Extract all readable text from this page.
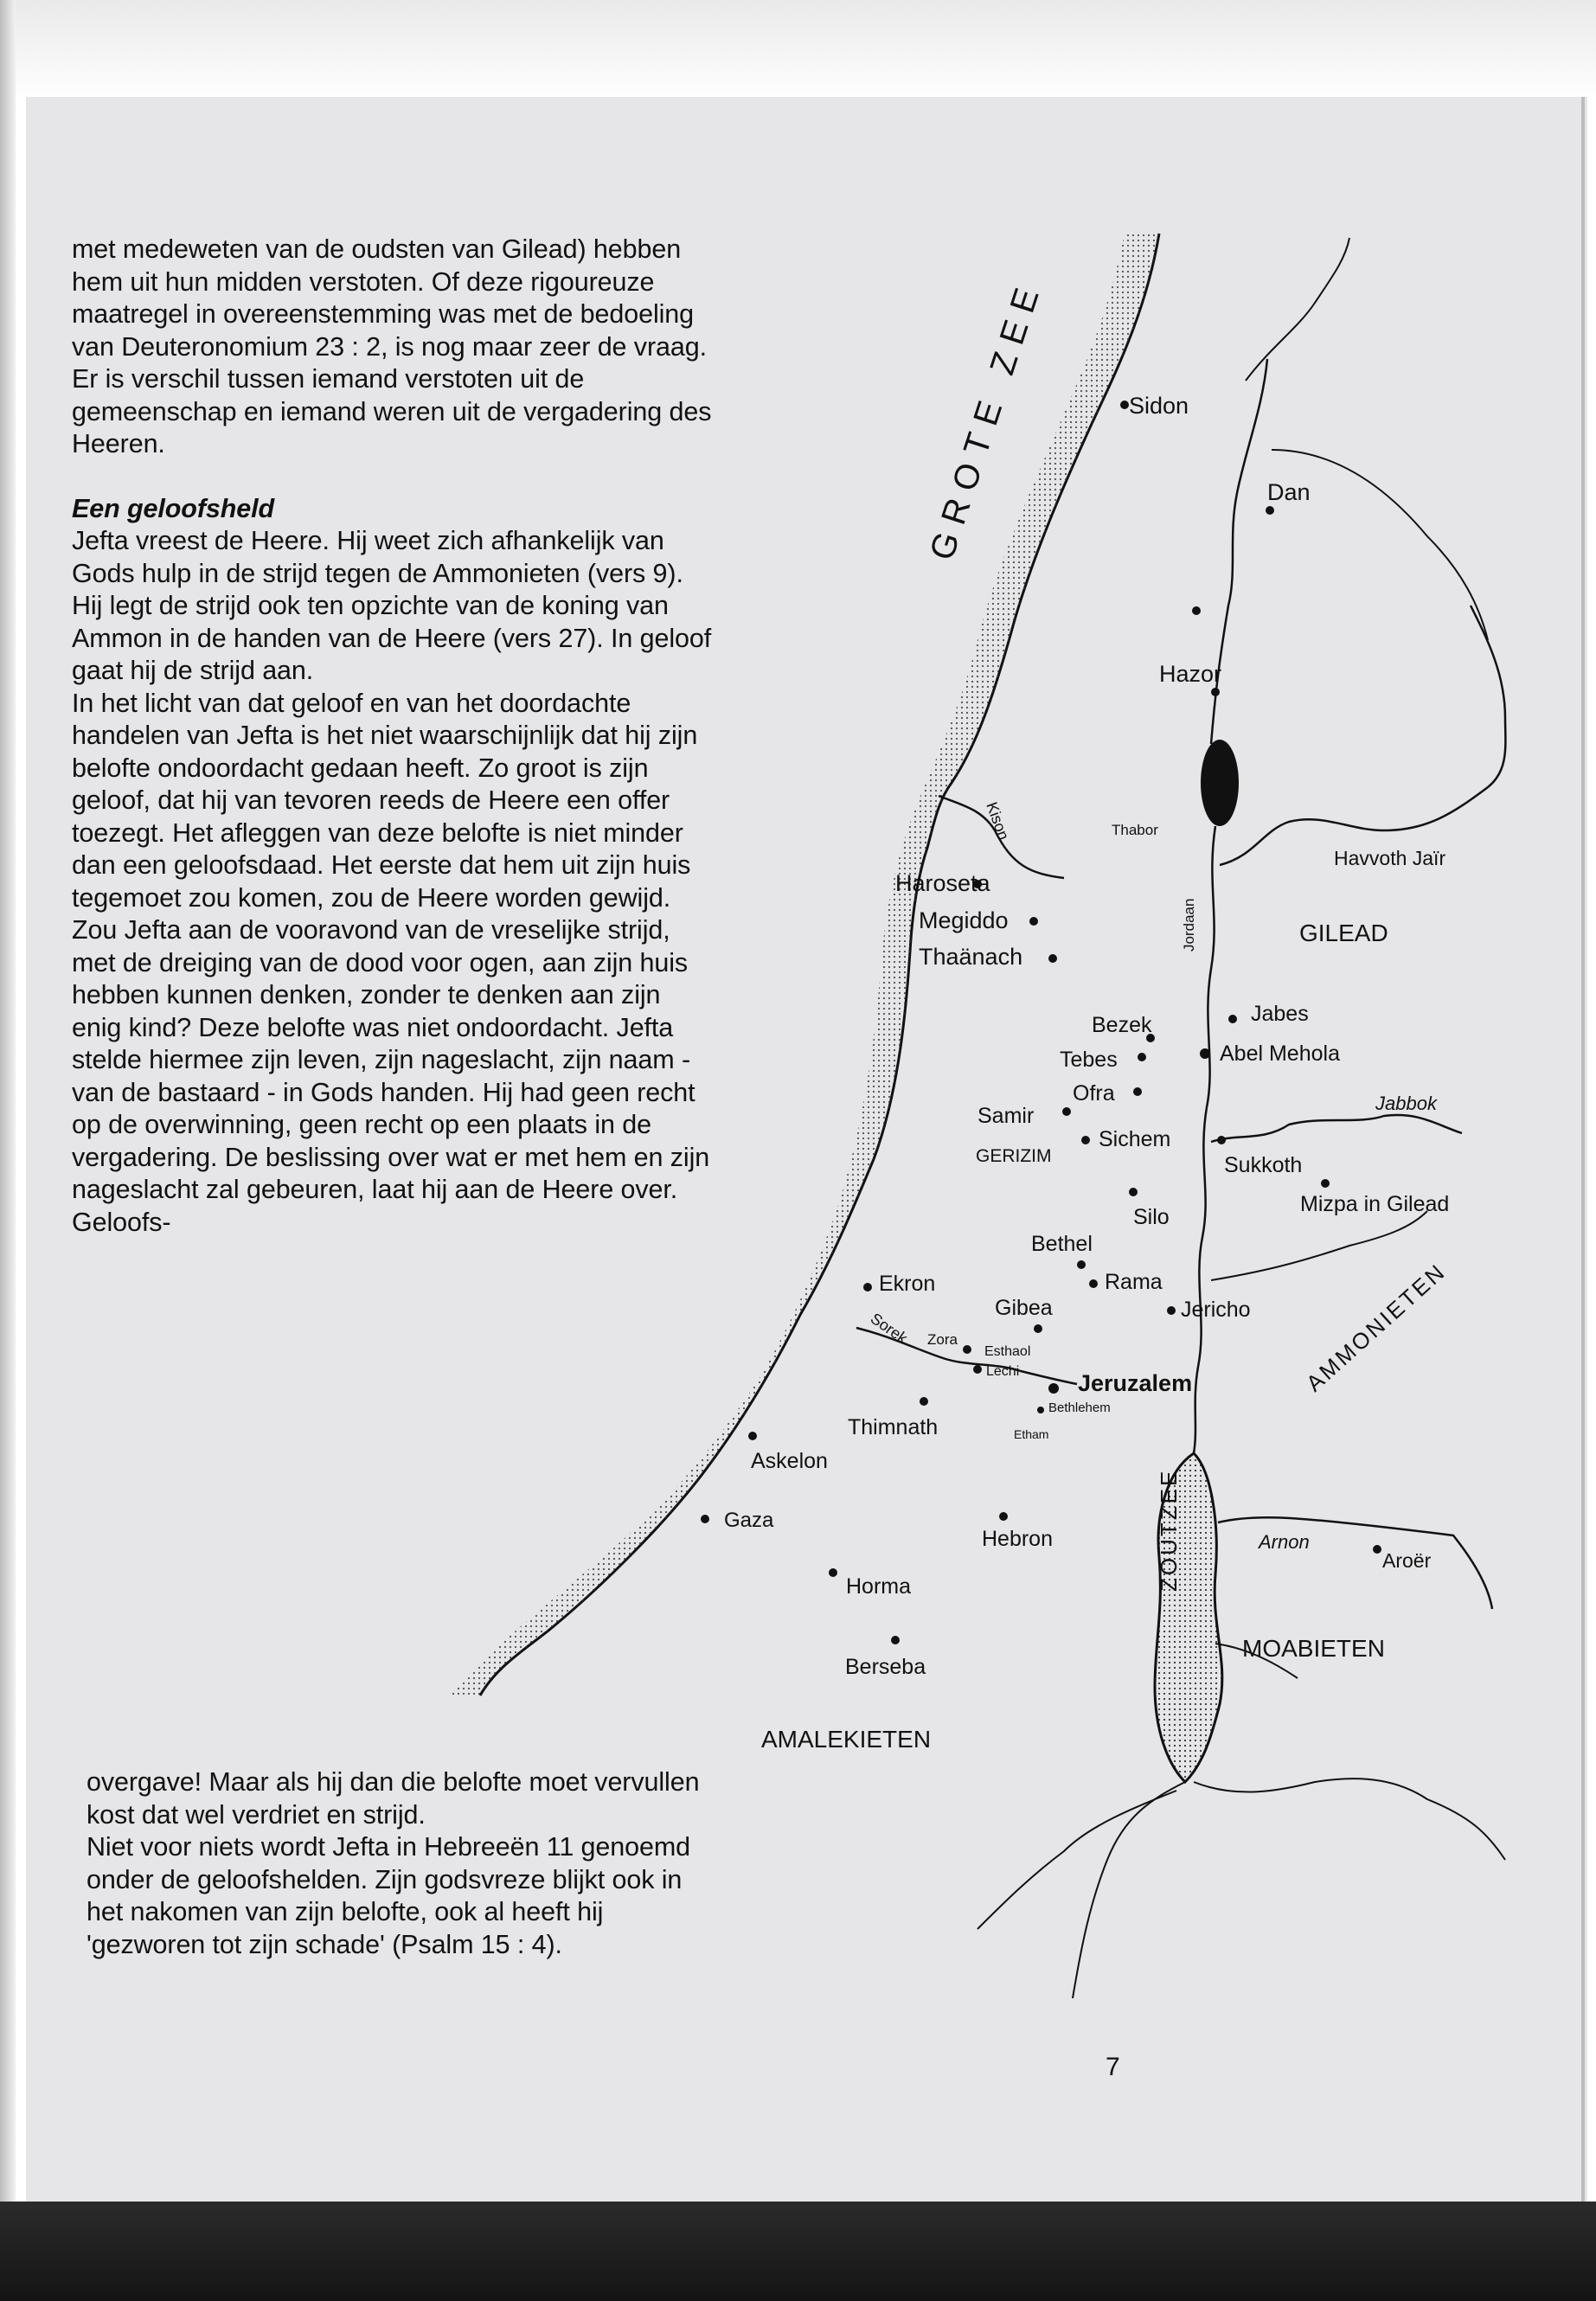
met medeweten van de oudsten van Gilead) hebben hem uit hun midden verstoten. Of deze rigoureuze maatregel in overeenstemming was met de bedoeling van Deuteronomium 23 : 2, is nog maar zeer de vraag. Er is verschil tussen iemand verstoten uit de gemeenschap en iemand weren uit de vergadering des Heeren.

Een geloofsheld

Jefta vreest de Heere. Hij weet zich afhankelijk van Gods hulp in de strijd tegen de Ammonieten (vers 9). Hij legt de strijd ook ten opzichte van de koning van Ammon in de handen van de Heere (vers 27). In geloof gaat hij de strijd aan.

In het licht van dat geloof en van het doordachte handelen van Jefta is het niet waarschijnlijk dat hij zijn belofte ondoordacht gedaan heeft. Zo groot is zijn geloof, dat hij van tevoren reeds de Heere een offer toezegt. Het afleggen van deze belofte is niet minder dan een geloofsdaad. Het eerste dat hem uit zijn huis tegemoet zou komen, zou de Heere worden gewijd. Zou Jefta aan de vooravond van de vreselijke strijd, met de dreiging van de dood voor ogen, aan zijn huis hebben kunnen denken, zonder te denken aan zijn enig kind? Deze belofte was niet ondoordacht. Jefta stelde hiermee zijn leven, zijn nageslacht, zijn naam - van de bastaard - in Gods handen. Hij had geen recht op de overwinning, geen recht op een plaats in de vergadering. De beslissing over wat er met hem en zijn nageslacht zal gebeuren, laat hij aan de Heere over. Geloofs-

overgave! Maar als hij dan die belofte moet vervullen kost dat wel verdriet en strijd.

Niet voor niets wordt Jefta in Hebreeën 11 genoemd onder de geloofshelden. Zijn godsvreze blijkt ook in het nakomen van zijn belofte, ook al heeft hij 'gezworen tot zijn schade' (Psalm 15 : 4).

GROTE ZEE
ZOUTZEE
AMMONIETEN
GILEAD
MOABIETEN
AMALEKIETEN
Kison
Jordaan
Jabbok
Arnon
Sorek
Thabor
GERIZIM
Sidon
Dan
Hazor
Havvoth Jaïr
Haroseta
Megiddo
Thaänach
Bezek	Jabes
Tebes	Abel Mehola
Ofra
Samir
Sichem
Sukkoth
Silo
Mizpa in Gilead
Bethel
Ekron	Rama
Gibea	Jericho
Zora
Esthaol
Lechi	Jeruzalem
Bethlehem
Thimnath	Etham
Askelon
Gaza
Hebron
Aroër
Horma
Berseba
7
